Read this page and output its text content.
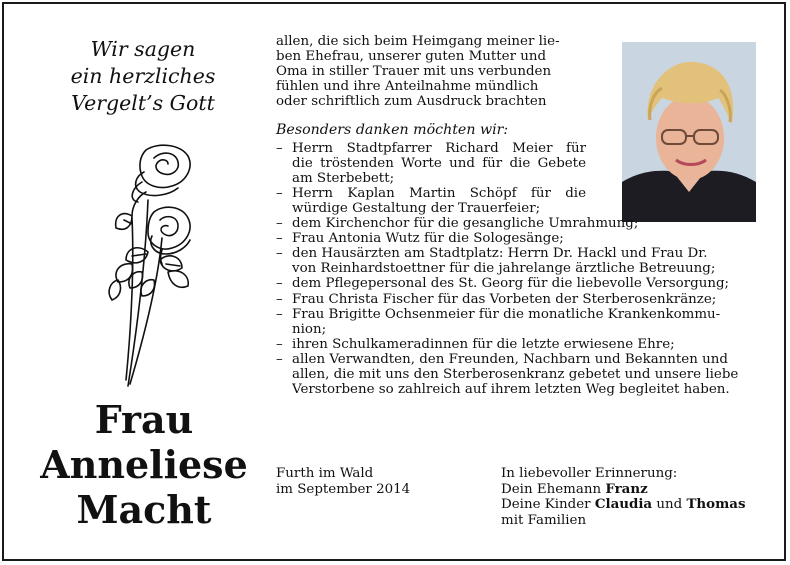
Wir sagen
ein herzliches
Vergelt’s Gott
Frau
Anneliese
Macht
allen, die sich beim Heimgang meiner lie-
ben Ehefrau, unserer guten Mutter und
Oma in stiller Trauer mit uns verbunden
fühlen und ihre Anteilnahme mündlich
oder schriftlich zum Ausdruck brachten
Besonders danken möchten wir:
– Herrn Stadtpfarrer Richard Meier für
die tröstenden Worte und für die Gebete
am Sterbebett;
– Herrn Kaplan Martin Schöpf für die
würdige Gestaltung der Trauerfeier;
– dem Kirchenchor für die gesangliche Umrahmung;
– Frau Antonia Wutz für die Sologesänge;
– den Hausärzten am Stadtplatz: Herrn Dr. Hackl und Frau Dr.
von Reinhardstoettner für die jahrelange ärztliche Betreuung;
– dem Pflegepersonal des St. Georg für die liebevolle Versorgung;
– Frau Christa Fischer für das Vorbeten der Sterberosenkränze;
– Frau Brigitte Ochsenmeier für die monatliche Krankenkommu-
nion;
– ihren Schulkameradinnen für die letzte erwiesene Ehre;
– allen Verwandten, den Freunden, Nachbarn und Bekannten und
allen, die mit uns den Sterberosenkranz gebetet und unsere liebe
Verstorbene so zahlreich auf ihrem letzten Weg begleitet haben.
Furth im Wald
im September 2014
In liebevoller Erinnerung:
Dein Ehemann Franz
Deine Kinder Claudia und Thomas
mit Familien
